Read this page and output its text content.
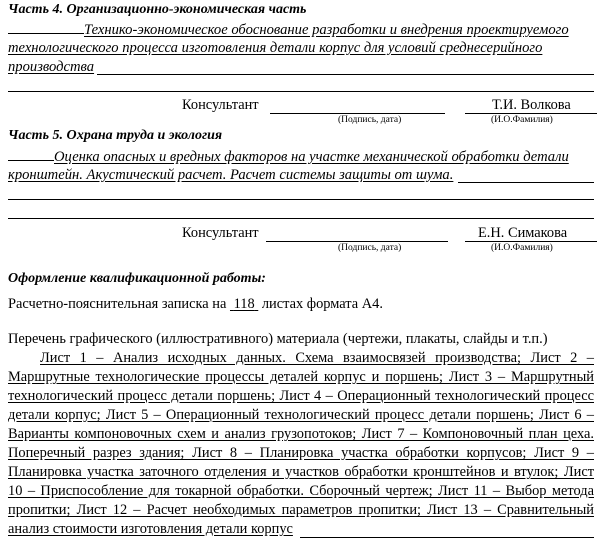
Часть 4. Организационно-экономическая часть
Технико-экономическое обоснование разработки и внедрения проектируемого
технологического процесса изготовления детали корпус для условий среднесерийного
производства
Консультант	Т.И. Волкова
(Подпись, дата)	(И.О.Фамилия)
Часть 5. Охрана труда и экология
Оценка опасных и вредных факторов на участке механической обработки детали
кронштейн. Акустический расчет. Расчет системы защиты от шума.
Консультант	Е.Н. Симакова
(Подпись, дата)	(И.О.Фамилия)
Оформление квалификационной работы:
Расчетно-пояснительная записка на 118 листах формата А4.
Перечень графического (иллюстративного) материала (чертежи, плакаты, слайды и т.п.)
Лист 1 – Анализ исходных данных. Схема взаимосвязей производства; Лист 2 –
Маршрутные технологические процессы деталей корпус и поршень; Лист 3 – Маршрутный
технологический процесс детали поршень; Лист 4 – Операционный технологический процесс
детали корпус; Лист 5 – Операционный технологический процесс детали поршень; Лист 6 –
Варианты компоновочных схем и анализ грузопотоков; Лист 7 – Компоновочный план цеха.
Поперечный разрез здания; Лист 8 – Планировка участка обработки корпусов; Лист 9 –
Планировка участка заточного отделения и участков обработки кронштейнов и втулок; Лист
10 – Приспособление для токарной обработки. Сборочный чертеж; Лист 11 – Выбор метода
пропитки; Лист 12 – Расчет необходимых параметров пропитки; Лист 13 – Сравнительный
анализ стоимости изготовления детали корпус
